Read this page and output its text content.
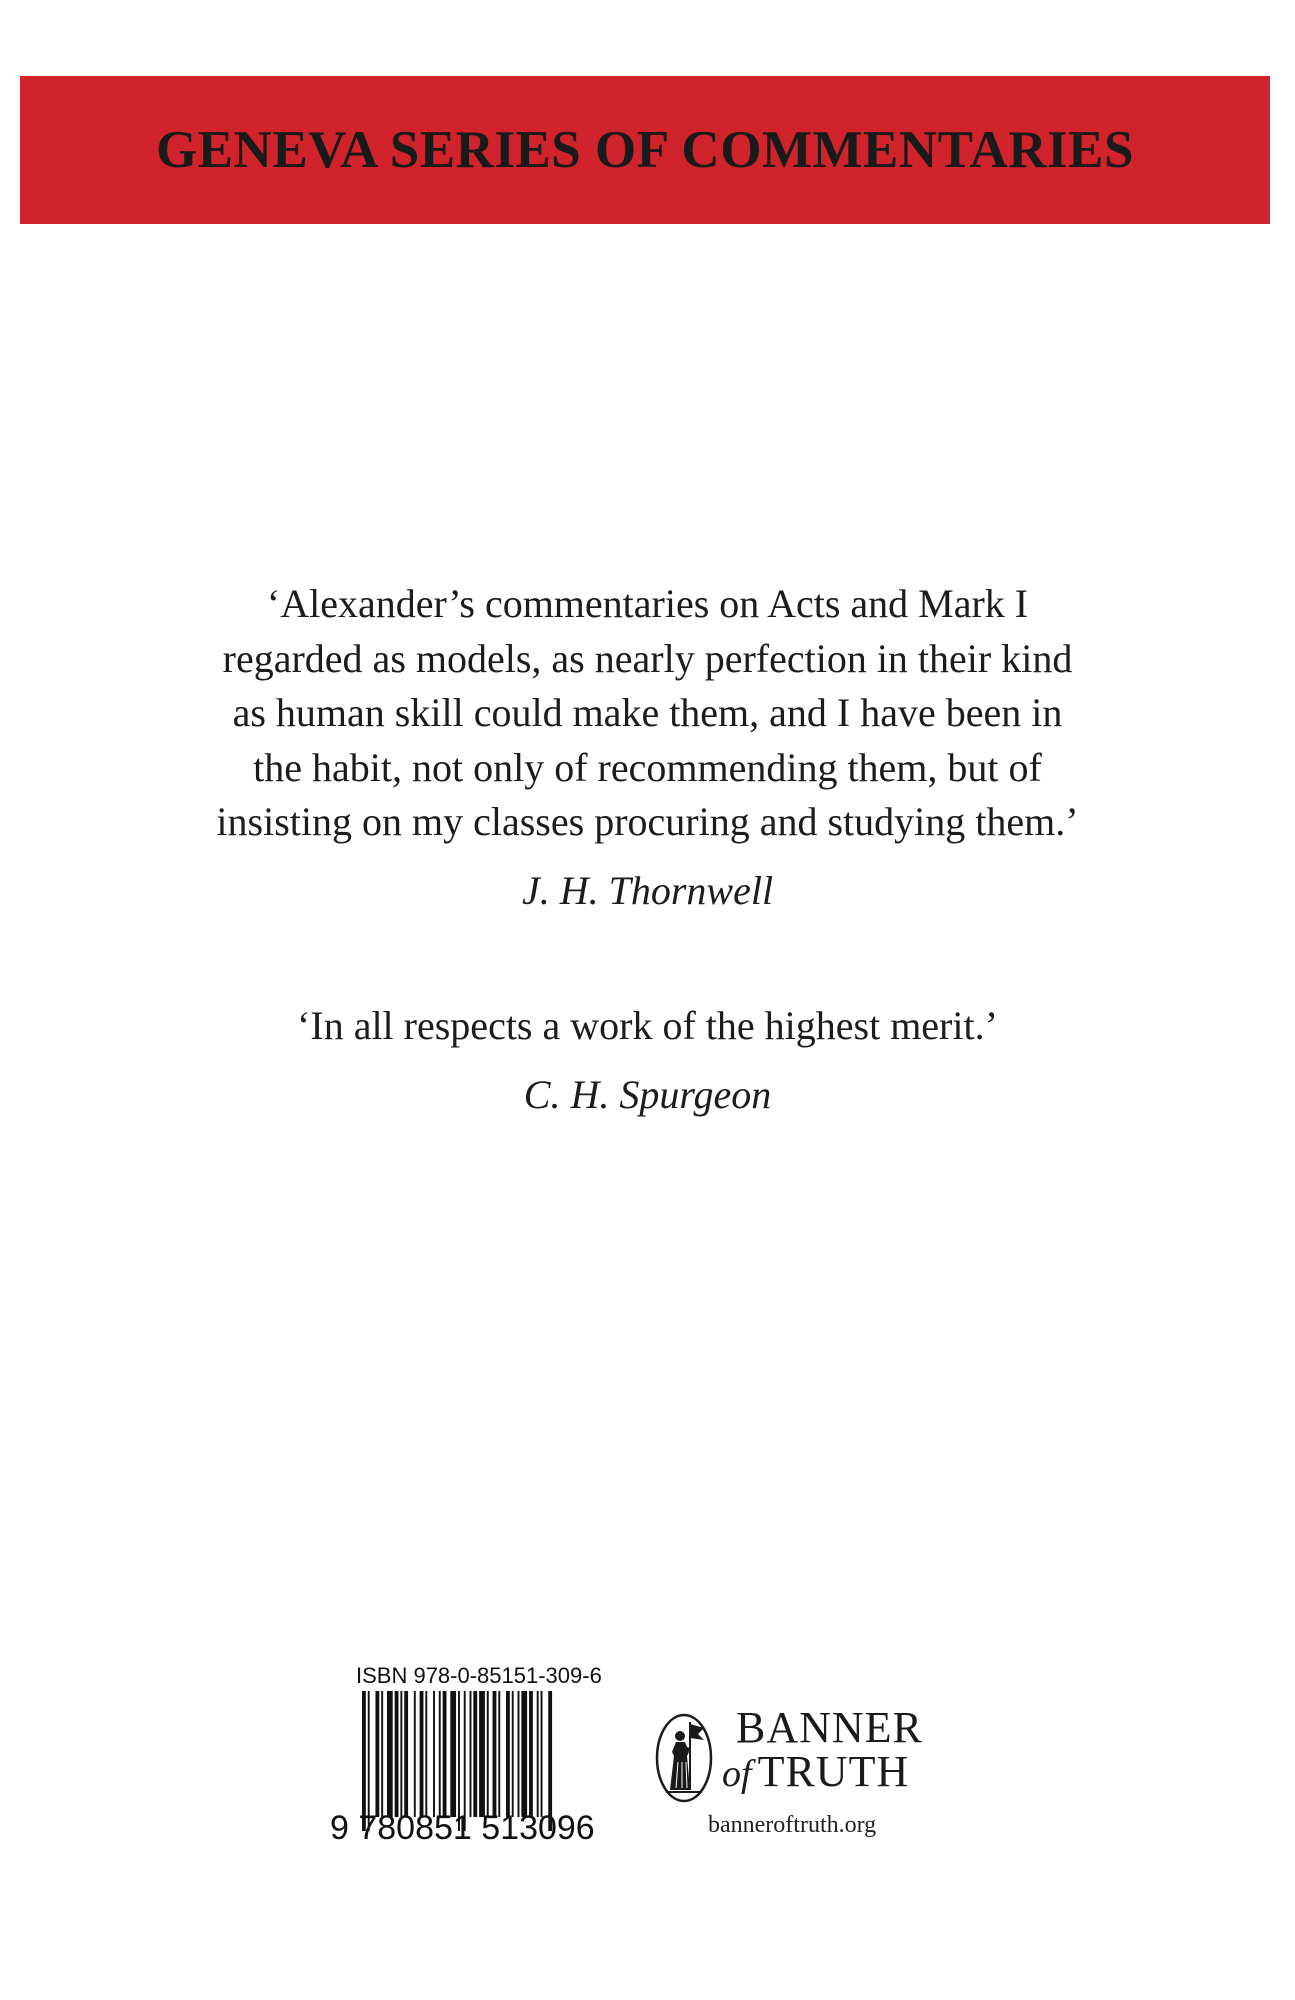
GENEVA SERIES OF COMMENTARIES
‘Alexander’s commentaries on Acts and Mark I
regarded as models, as nearly perfection in their kind
as human skill could make them, and I have been in
the habit, not only of recommending them, but of
insisting on my classes procuring and studying them.’
J. H. Thornwell
‘In all respects a work of the highest merit.’
C. H. Spurgeon
ISBN 978-0-85151-309-6
9 780851 513096
BANNER
of TRUTH
banneroftruth.org
